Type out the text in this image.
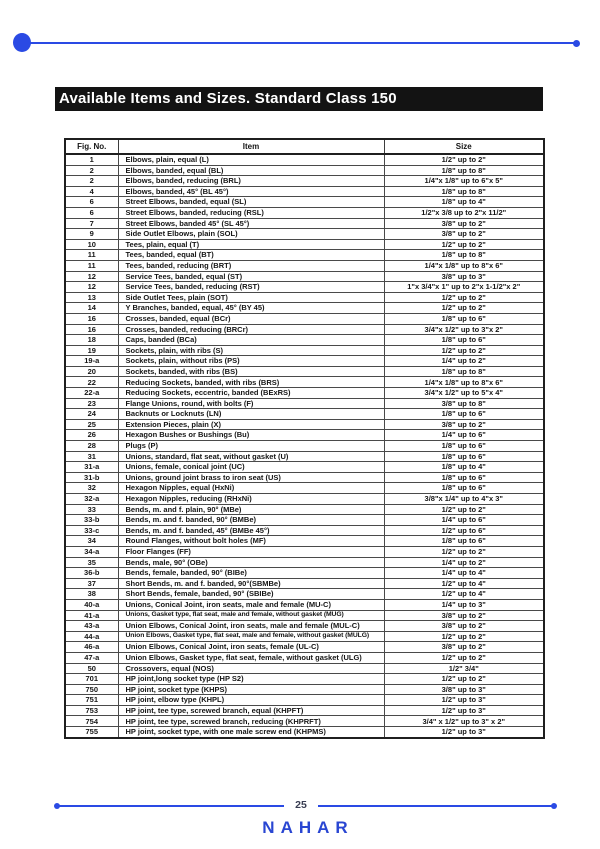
Available Items and Sizes. Standard Class 150
Fig. No.	Item	Size
1	Elbows, plain, equal (L)	1/2" up to 2"
2	Elbows, banded, equal (BL)	1/8" up to 8"
2	Elbows, banded, reducing (BRL)	1/4"x 1/8" up to 6"x 5"
4	Elbows, banded, 45° (BL 45°)	1/8" up to 8"
6	Street Elbows, banded, equal (SL)	1/8" up to 4"
6	Street Elbows, banded, reducing (RSL)	1/2"x 3/8 up to 2"x 11/2"
7	Street Elbows, banded 45° (SL 45°)	3/8" up to 2"
9	Side Outlet Elbows, plain (SOL)	3/8" up to 2"
10	Tees, plain, equal (T)	1/2" up to 2"
11	Tees, banded, equal (BT)	1/8" up to 8"
11	Tees, banded, reducing (BRT)	1/4"x 1/8" up to 8"x 6"
12	Service Tees, banded, equal (ST)	3/8" up to 3"
12	Service Tees, banded, reducing (RST)	1"x 3/4"x 1" up to 2"x 1-1/2"x 2"
13	Side Outlet Tees, plain (SOT)	1/2" up to 2"
14	Y Branches, banded, equal, 45° (BY 45)	1/2" up to 2"
16	Crosses, banded, equal (BCr)	1/8" up to 6"
16	Crosses, banded, reducing (BRCr)	3/4"x 1/2" up to 3"x 2"
18	Caps, banded (BCa)	1/8" up to 6"
19	Sockets, plain, with ribs (S)	1/2" up to 2"
19-a	Sockets, plain, without ribs (PS)	1/4" up to 2"
20	Sockets, banded, with ribs (BS)	1/8" up to 8"
22	Reducing Sockets, banded, with ribs (BRS)	1/4"x 1/8" up to 8"x 6"
22-a	Reducing Sockets, eccentric, banded (BExRS)	3/4"x 1/2" up to 5"x 4"
23	Flange Unions, round, with bolts (F)	3/8" up to 8"
24	Backnuts or Locknuts (LN)	1/8" up to 6"
25	Extension Pieces, plain (X)	3/8" up to 2"
26	Hexagon Bushes or Bushings (Bu)	1/4" up to 6"
28	Plugs (P)	1/8" up to 6"
31	Unions, standard, flat seat, without gasket (U)	1/8" up to 6"
31-a	Unions, female, conical joint (UC)	1/8" up to 4"
31-b	Unions, ground joint brass to iron seat (US)	1/8" up to 6"
32	Hexagon Nipples, equal (HxNi)	1/8" up to 6"
32-a	Hexagon Nipples, reducing (RHxNi)	3/8"x 1/4" up to 4"x 3"
33	Bends, m. and f. plain, 90° (MBe)	1/2" up to 2"
33-b	Bends, m. and f. banded, 90° (BMBe)	1/4" up to 6"
33-c	Bends, m. and f. banded, 45° (BMBe 45°)	1/2" up to 6"
34	Round Flanges, without bolt holes (MF)	1/8" up to 6"
34-a	Floor Flanges (FF)	1/2" up to 2"
35	Bends, male, 90° (OBe)	1/4" up to 2"
36-b	Bends, female, banded, 90° (BIBe)	1/4" up to 4"
37	Short Bends, m. and f. banded, 90°(SBMBe)	1/2" up to 4"
38	Short Bends, female, banded, 90° (SBIBe)	1/2" up to 4"
40-a	Unions, Conical Joint, iron seats, male and female (MU-C)	1/4" up to 3"
41-a	Unions, Gasket type, flat seat, male and female, without gasket (MUG)	3/8" up to 2"
43-a	Union Elbows, Conical Joint, iron seats, male and female (MUL-C)	3/8" up to 2"
44-a	Union Elbows, Gasket type, flat seat, male and female, without gasket (MULG)	1/2" up to 2"
46-a	Union Elbows, Conical Joint, iron seats, female (UL-C)	3/8" up to 2"
47-a	Union Elbows, Gasket type, flat seat, female, without gasket (ULG)	1/2" up to 2"
50	Crossovers, equal (NOS)	1/2" 3/4"
701	HP joint,long socket type (HP S2)	1/2" up to 2"
750	HP joint, socket type (KHPS)	3/8" up to 3"
751	HP joint, elbow type (KHPL)	1/2" up to 3"
753	HP joint, tee type, screwed branch, equal (KHPFT)	1/2" up to 3"
754	HP joint, tee type, screwed branch, reducing (KHPRFT)	3/4" x 1/2" up to 3" x 2"
755	HP joint, socket type, with one male screw end (KHPMS)	1/2" up to 3"
25
NAHAR
